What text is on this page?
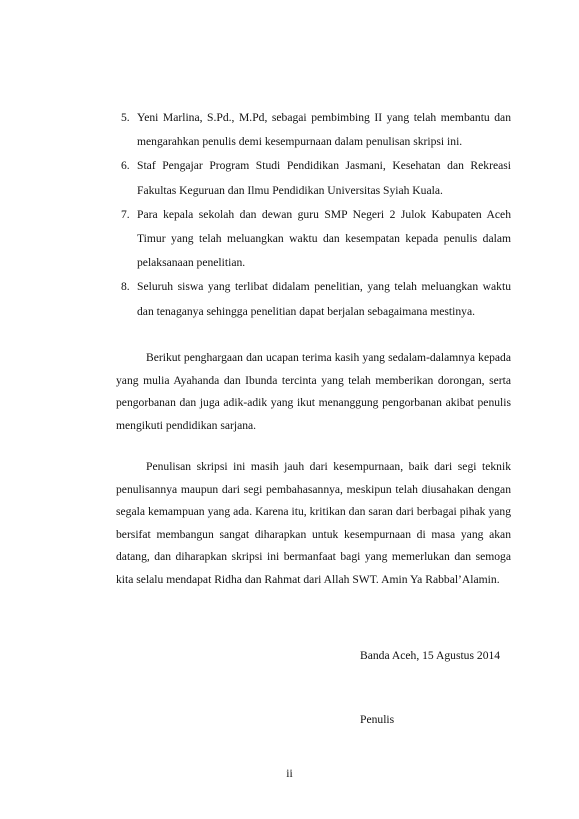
5. Yeni Marlina, S.Pd., M.Pd, sebagai pembimbing II yang telah membantu dan mengarahkan penulis demi kesempurnaan dalam penulisan skripsi ini.
6. Staf Pengajar Program Studi Pendidikan Jasmani, Kesehatan dan Rekreasi Fakultas Keguruan dan Ilmu Pendidikan Universitas Syiah Kuala.
7. Para kepala sekolah dan dewan guru SMP Negeri 2 Julok Kabupaten Aceh Timur yang telah meluangkan waktu dan kesempatan kepada penulis dalam pelaksanaan penelitian.
8. Seluruh siswa yang terlibat didalam penelitian, yang telah meluangkan waktu dan tenaganya sehingga penelitian dapat berjalan sebagaimana mestinya.

Berikut penghargaan dan ucapan terima kasih yang sedalam-dalamnya kepada yang mulia Ayahanda dan Ibunda tercinta yang telah memberikan dorongan, serta pengorbanan dan juga adik-adik yang ikut menanggung pengorbanan akibat penulis mengikuti pendidikan sarjana.

Penulisan skripsi ini masih jauh dari kesempurnaan, baik dari segi teknik penulisannya maupun dari segi pembahasannya, meskipun telah diusahakan dengan segala kemampuan yang ada. Karena itu, kritikan dan saran dari berbagai pihak yang bersifat membangun sangat diharapkan untuk kesempurnaan di masa yang akan datang, dan diharapkan skripsi ini bermanfaat bagi yang memerlukan dan semoga kita selalu mendapat Ridha dan Rahmat dari Allah SWT. Amin Ya Rabbal’Alamin.

Banda Aceh, 15 Agustus 2014
Penulis
ii
